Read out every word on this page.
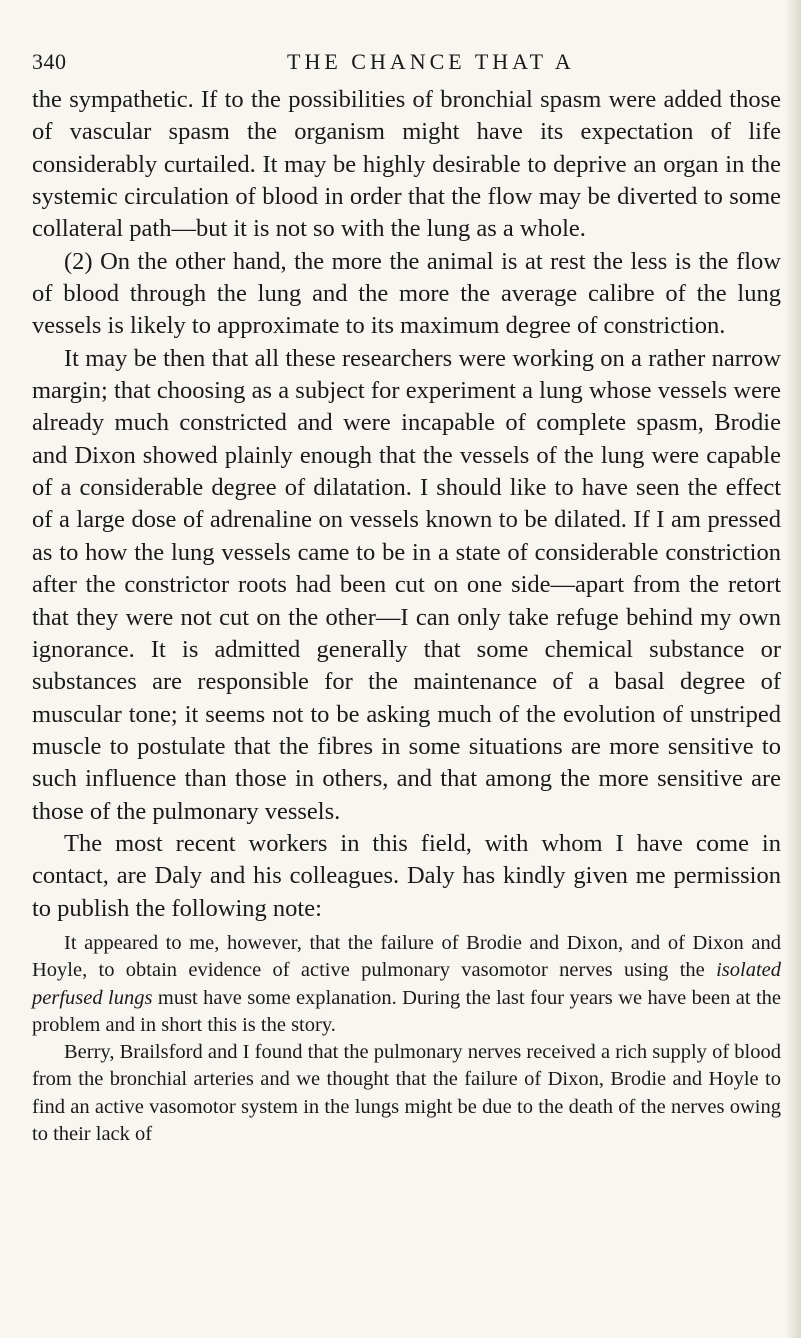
340	THE CHANCE THAT A

the sympathetic. If to the possibilities of bronchial spasm were added those of vascular spasm the organism might have its expectation of life considerably curtailed. It may be highly desirable to deprive an organ in the systemic circulation of blood in order that the flow may be diverted to some collateral path—but it is not so with the lung as a whole.

(2) On the other hand, the more the animal is at rest the less is the flow of blood through the lung and the more the average calibre of the lung vessels is likely to approximate to its maximum degree of constriction.

It may be then that all these researchers were working on a rather narrow margin; that choosing as a subject for experiment a lung whose vessels were already much constricted and were incapable of complete spasm, Brodie and Dixon showed plainly enough that the vessels of the lung were capable of a considerable degree of dilatation. I should like to have seen the effect of a large dose of adrenaline on vessels known to be dilated. If I am pressed as to how the lung vessels came to be in a state of considerable constriction after the constrictor roots had been cut on one side—apart from the retort that they were not cut on the other—I can only take refuge behind my own ignorance. It is admitted generally that some chemical substance or substances are responsible for the maintenance of a basal degree of muscular tone; it seems not to be asking much of the evolution of unstriped muscle to postulate that the fibres in some situations are more sensitive to such influence than those in others, and that among the more sensitive are those of the pulmonary vessels.

The most recent workers in this field, with whom I have come in contact, are Daly and his colleagues. Daly has kindly given me permission to publish the following note:

It appeared to me, however, that the failure of Brodie and Dixon, and of Dixon and Hoyle, to obtain evidence of active pulmonary vasomotor nerves using the isolated perfused lungs must have some explanation. During the last four years we have been at the problem and in short this is the story.

Berry, Brailsford and I found that the pulmonary nerves received a rich supply of blood from the bronchial arteries and we thought that the failure of Dixon, Brodie and Hoyle to find an active vasomotor system in the lungs might be due to the death of the nerves owing to their lack of
